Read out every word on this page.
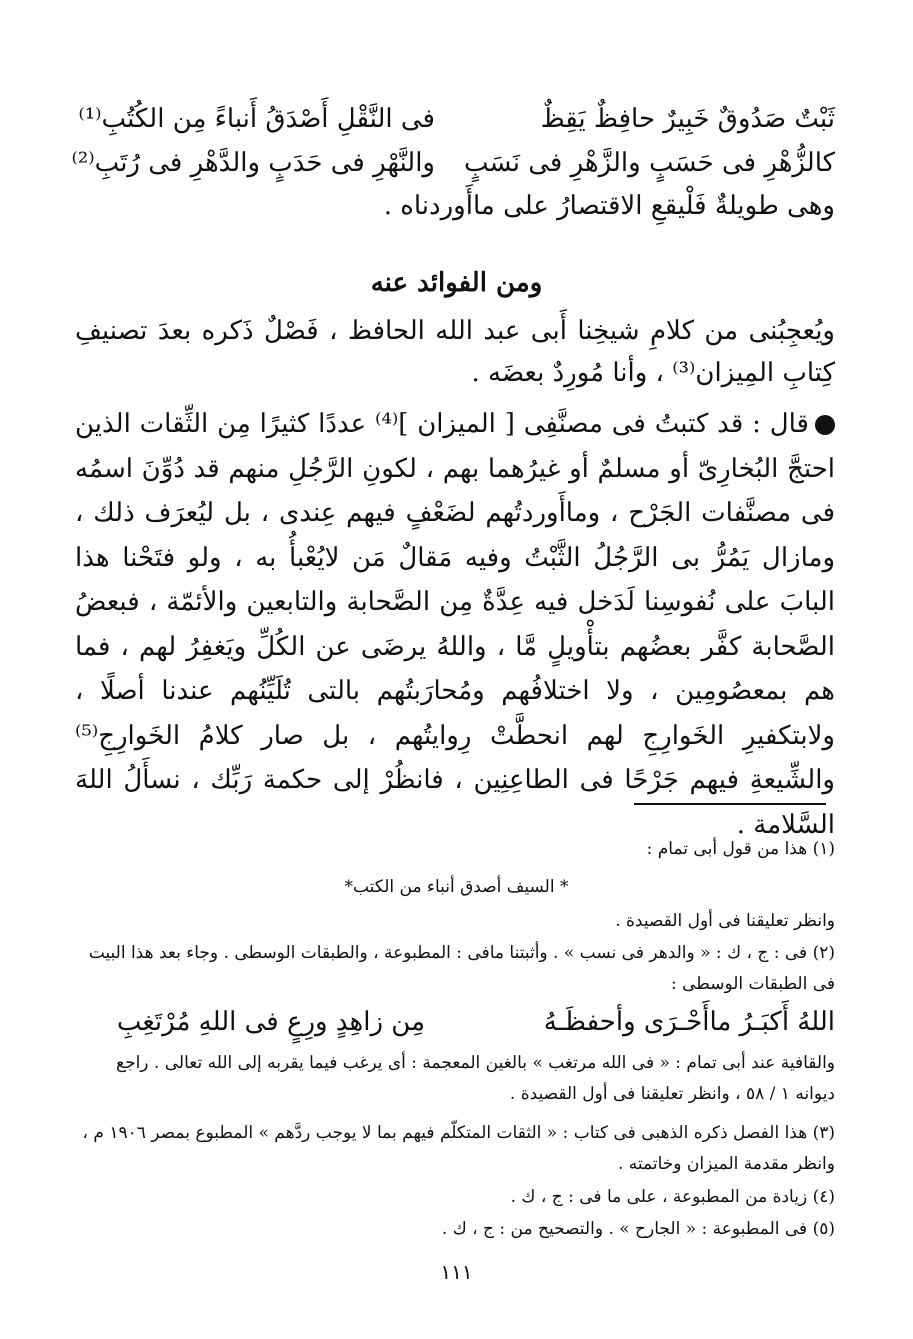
ثَبْتٌ صَدُوقٌ خَبِيرٌ حافِظٌ يَقِظٌ
فى النَّقْلِ أَصْدَقُ أَنباءً مِن الكُتُبِ⁽¹⁾
كالزُّهْرِ فى حَسَبٍ والزَّهْرِ فى نَسَبٍ
والنَّهْرِ فى حَدَبٍ والدَّهْرِ فى رُتَبِ⁽²⁾
وهى طويلةٌ فَلْيقعِ الاقتصارُ على ماأَوردناه .
ومن الفوائد عنه
ويُعجِبُنى من كلامِ شيخِنا أَبى عبد الله الحافظ ، فَصْلٌ ذَكره بعدَ تصنيفِ كِتابِ المِيزان⁽³⁾ ، وأنا مُورِدٌ بعضَه .
قال : قد كتبتُ فى مصنَّفِى [ الميزان ]⁽⁴⁾ عددًا كثيرًا مِن الثِّقات الذين احتجَّ البُخارِىّ أو مسلمٌ أو غيرُهما بهم ، لكونِ الرَّجُلِ منهم قد دُوِّنَ اسمُه فى مصنَّفات الجَرْح ، وماأَوردتُهم لضَعْفٍ فيهم عِندى ، بل ليُعرَف ذلك ، ومازال يَمُرُّ بى الرَّجُلُ الثَّبْتُ وفيه مَقالٌ مَن لايُعْبأُ به ، ولو فتَحْنا هذا البابَ على نُفوسِنا لَدَخل فيه عِدَّةٌ مِن الصَّحابة والتابعين والأئمّة ، فبعضُ الصَّحابة كفَّر بعضُهم بتأْويلٍ مَّا ، واللهُ يرضَى عن الكُلِّ ويَغفِرُ لهم ، فما هم بمعصُومِين ، ولا اختلافُهم ومُحارَبتُهم بالتى تُلَيِّنُهم عندنا أصلًا ، ولابتكفيرِ الخَوارِجِ لهم انحطَّتْ رِوايتُهم ، بل صار كلامُ الخَوارِجِ⁽⁵⁾ والشِّيعةِ فيهم جَرْحًا فى الطاعِنِين ، فانظُرْ إلى حكمة رَبِّك ، نسأَلُ اللهَ السَّلامة .
(١) هذا من قول أبى تمام :
* السيف أصدق أنباء من الكتب*
وانظر تعليقنا فى أول القصيدة .
(٢) فى : ج ، ك : « والدهر فى نسب » . وأثبتنا مافى : المطبوعة ، والطبقات الوسطى . وجاء بعد هذا البيت فى الطبقات الوسطى :
اللهُ أَكبَـرُ ماأَحْـرَى وأحفظَـهُ
مِن زاهِدٍ ورِعٍ فى اللهِ مُرْتَغِبِ
والقافية عند أبى تمام : « فى الله مرتغب » بالغين المعجمة : أى يرغب فيما يقربه إلى الله تعالى . راجع ديوانه ١ / ٥٨ ، وانظر تعليقنا فى أول القصيدة .
(٣) هذا الفصل ذكره الذهبى فى كتاب : « الثقات المتكلّم فيهم بما لا يوجب ردَّهم » المطبوع بمصر ١٩٠٦ م ، وانظر مقدمة الميزان وخاتمته .
(٤) زيادة من المطبوعة ، على ما فى : ج ، ك .
(٥) فى المطبوعة : « الجارح » . والتصحيح من : ج ، ك .
١١١
